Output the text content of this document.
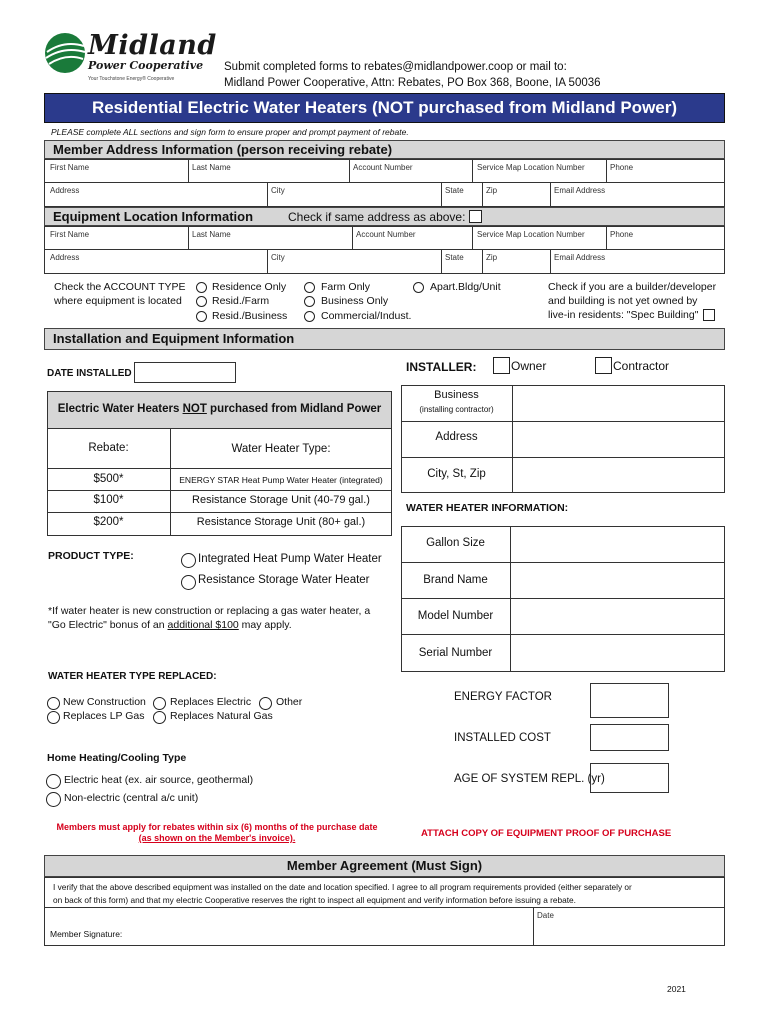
Midland
Power Cooperative
Your Touchstone Energy® Cooperative
Submit completed forms to rebates@midlandpower.coop or mail to:
Midland Power Cooperative, Attn: Rebates, PO Box 368, Boone, IA 50036
Residential Electric Water Heaters (NOT purchased from Midland Power)
PLEASE complete ALL sections and sign form to ensure proper and prompt payment of rebate.
Member Address Information (person receiving rebate)
First Name	Last Name	Account Number	Service Map Location Number	Phone
Address	City	State	Zip	Email Address
Equipment Location Information	Check if same address as above:
First Name	Last Name	Account Number	Service Map Location Number	Phone
Address	City	State	Zip	Email Address
Check the ACCOUNT TYPE
where equipment is located
Residence Only
Resid./Farm
Resid./Business
Farm Only
Business Only
Commercial/Indust.
Apart.Bldg/Unit	Check if you are a builder/developer
and building is not yet owned by
live-in residents: "Spec Building"
Installation and Equipment Information
DATE INSTALLED	INSTALLER:	Owner	Contractor
Business
(installing contractor)
Address
City, St, Zip
Electric Water Heaters NOT purchased from Midland Power
Rebate:	Water Heater Type:
$500*	ENERGY STAR Heat Pump Water Heater (integrated)
$100*	Resistance Storage Unit (40-79 gal.)
$200*	Resistance Storage Unit (80+ gal.)
PRODUCT TYPE:	Integrated Heat Pump Water Heater
Resistance Storage Water Heater
*If water heater is new construction or replacing a gas water heater, a
"Go Electric" bonus of an additional $100 may apply.
WATER HEATER INFORMATION:
Gallon Size
Brand Name
Model Number
Serial Number
ENERGY FACTOR
INSTALLED COST
AGE OF SYSTEM REPL. (yr)
WATER HEATER TYPE REPLACED:
New Construction Replaces Electric Other
Replaces LP Gas Replaces Natural Gas
Home Heating/Cooling Type
Electric heat (ex. air source, geothermal)
Non-electric (central a/c unit)
Members must apply for rebates within six (6) months of the purchase date
(as shown on the Member's invoice).	ATTACH COPY OF EQUIPMENT PROOF OF PURCHASE
Member Agreement (Must Sign)
I verify that the above described equipment was installed on the date and location specified. I agree to all program requirements provided (either separately or
on back of this form) and that my electric Cooperative reserves the right to inspect all equipment and verify information before issuing a rebate.
Date
Member Signature:
2021
